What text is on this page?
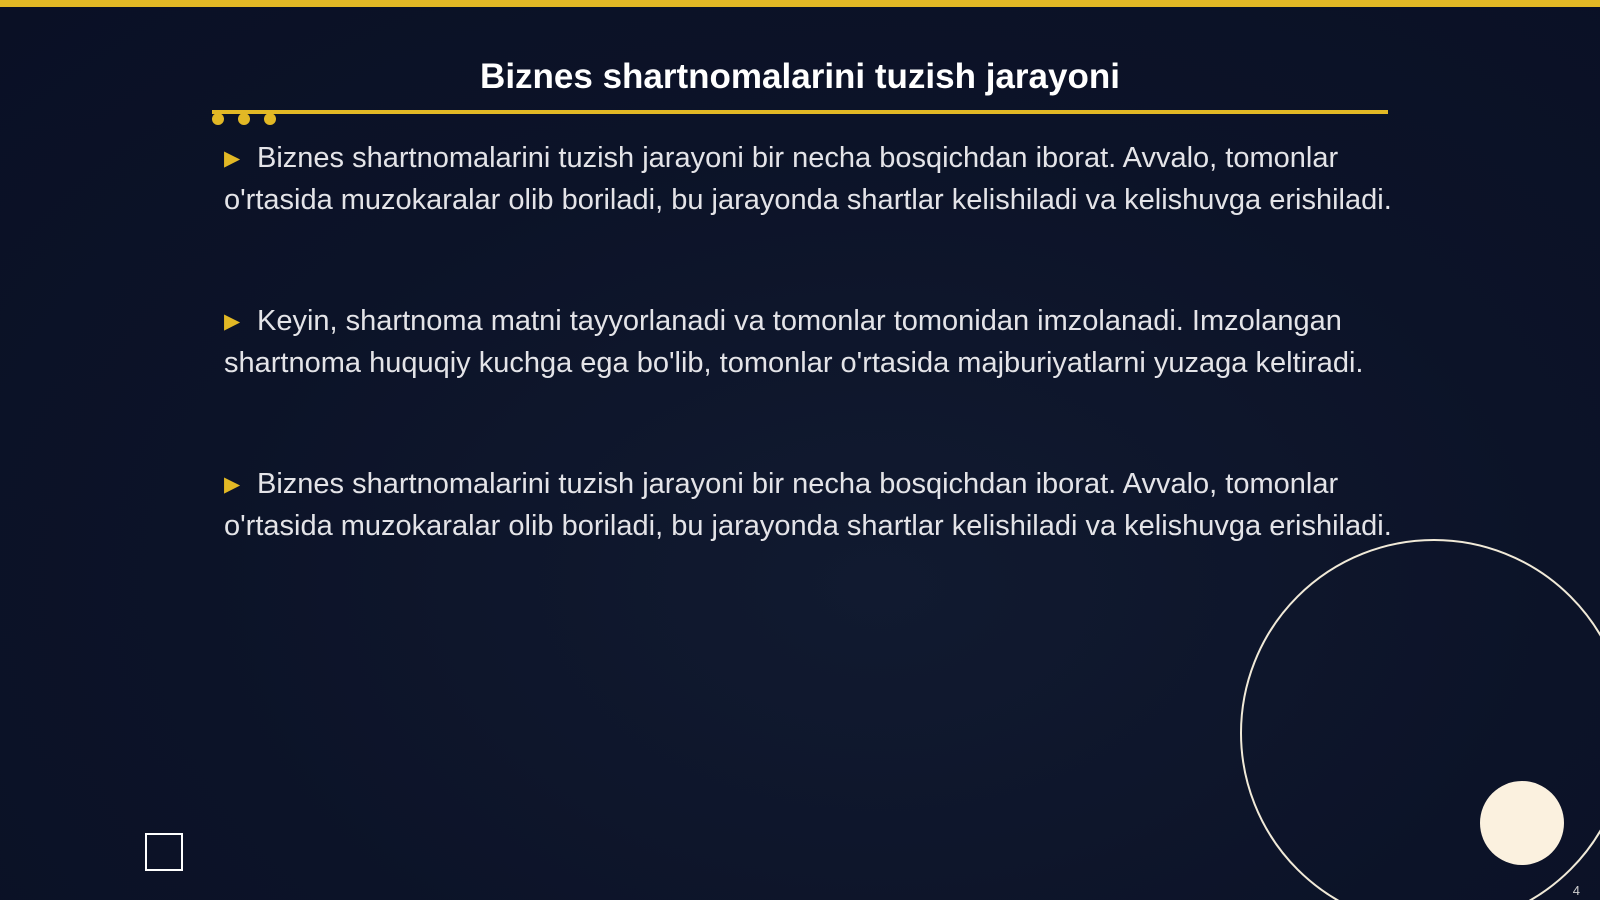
Biznes shartnomalarini tuzish jarayoni

▶ Biznes shartnomalarini tuzish jarayoni bir necha bosqichdan iborat. Avvalo, tomonlar o'rtasida muzokaralar olib boriladi, bu jarayonda shartlar kelishiladi va kelishuvga erishiladi.

▶ Keyin, shartnoma matni tayyorlanadi va tomonlar tomonidan imzolanadi. Imzolangan shartnoma huquqiy kuchga ega bo'lib, tomonlar o'rtasida majburiyatlarni yuzaga keltiradi.

▶ Biznes shartnomalarini tuzish jarayoni bir necha bosqichdan iborat. Avvalo, tomonlar o'rtasida muzokaralar olib boriladi, bu jarayonda shartlar kelishiladi va kelishuvga erishiladi.

4
